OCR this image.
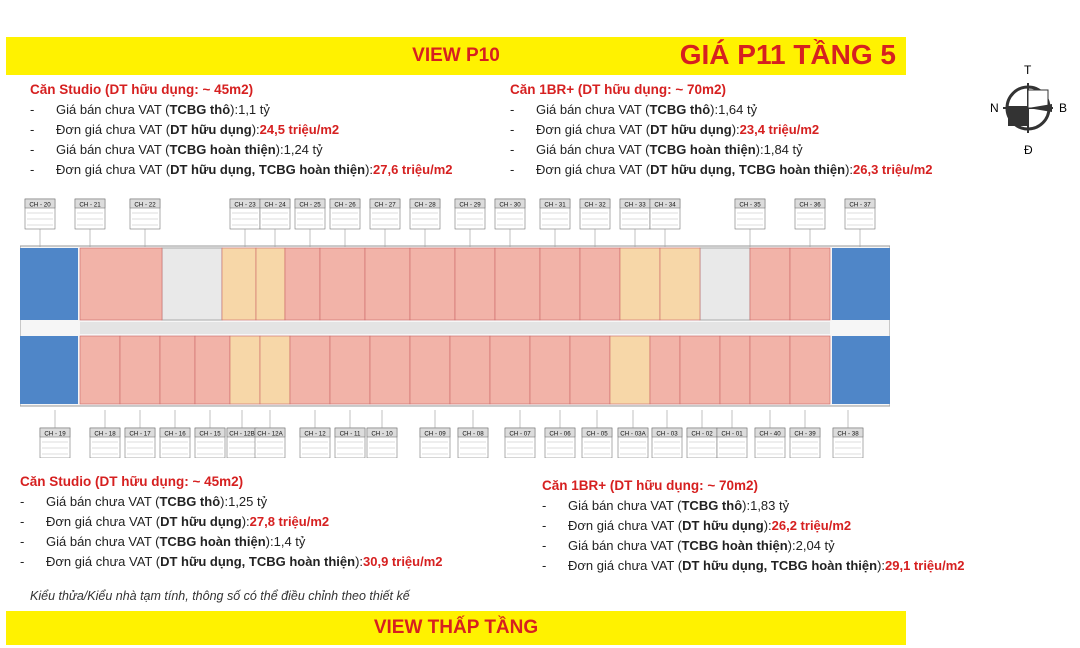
VIEW P10	GIÁ P11 TẦNG 5	T
N	B
Đ
Căn Studio (DT hữu dụng: ~ 45m2)
-	Giá bán chưa VAT ( TCBG thô ): 1,1 tỷ
-	Đơn giá chưa VAT ( DT hữu dụng ): 24,5 triệu/m2
-	Giá bán chưa VAT ( TCBG hoàn thiện ): 1,24 tỷ
-	Đơn giá chưa VAT ( DT hữu dụng, TCBG hoàn thiện ): 27,6 triệu/m2
Căn 1BR+ (DT hữu dụng: ~ 70m2)
-	Giá bán chưa VAT ( TCBG thô ): 1,64 tỷ
-	Đơn giá chưa VAT ( DT hữu dụng ): 23,4 triệu/m2
-	Giá bán chưa VAT ( TCBG hoàn thiện ): 1,84 tỷ
-	Đơn giá chưa VAT ( DT hữu dụng, TCBG hoàn thiện ): 26,3 triệu/m2
Căn Studio (DT hữu dụng: ~ 45m2)
-	Giá bán chưa VAT ( TCBG thô ): 1,25 tỷ
-	Đơn giá chưa VAT ( DT hữu dụng ): 27,8 triệu/m2
-	Giá bán chưa VAT ( TCBG hoàn thiện ): 1,4 tỷ
-	Đơn giá chưa VAT ( DT hữu dụng, TCBG hoàn thiện ): 30,9 triệu/m2
Căn 1BR+ (DT hữu dụng: ~ 70m2)
-	Giá bán chưa VAT ( TCBG thô ): 1,83 tỷ
-	Đơn giá chưa VAT ( DT hữu dụng ): 26,2 triệu/m2
-	Giá bán chưa VAT ( TCBG hoàn thiện ): 2,04 tỷ
-	Đơn giá chưa VAT ( DT hữu dụng, TCBG hoàn thiện ): 29,1 triệu/m2
CH - 20	CH - 21	CH - 22	CH - 23 CH - 24 CH - 25 CH - 26	CH - 27	CH - 28	CH - 29	CH - 30	CH - 31	CH - 32	CH - 33 CH - 34	CH - 35	CH - 36	CH - 37
CH - 19	CH - 18 CH - 17 CH - 16 CH - 15 CH - 12B CH - 12A	CH - 12 CH - 11 CH - 10	CH - 09	CH - 08	CH - 07	CH - 06	CH - 05 CH - 03A CH - 03 CH - 02 CH - 01	CH - 40 CH - 39	CH - 38
Kiểu thửa/Kiểu nhà tạm tính, thông số có thể điều chỉnh theo thiết kế
VIEW THẤP TẦNG
